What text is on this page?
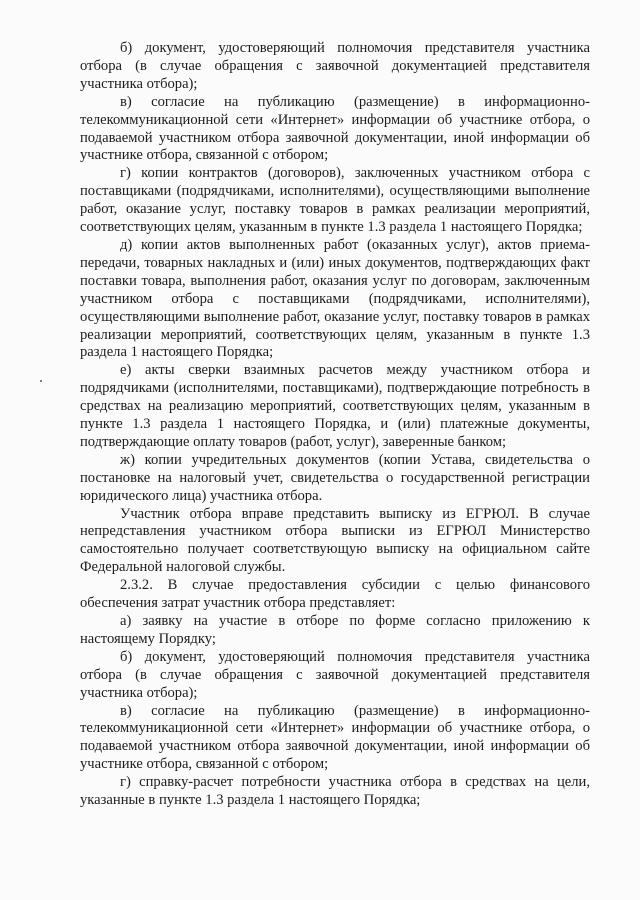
б) документ, удостоверяющий полномочия представителя участника отбора (в случае обращения с заявочной документацией представителя участника отбора);

в) согласие на публикацию (размещение) в информационно-телекоммуникационной сети «Интернет» информации об участнике отбора, о подаваемой участником отбора заявочной документации, иной информации об участнике отбора, связанной с отбором;

г) копии контрактов (договоров), заключенных участником отбора с поставщиками (подрядчиками, исполнителями), осуществляющими выполнение работ, оказание услуг, поставку товаров в рамках реализации мероприятий, соответствующих целям, указанным в пункте 1.3 раздела 1 настоящего Порядка;

д) копии актов выполненных работ (оказанных услуг), актов приема-передачи, товарных накладных и (или) иных документов, подтверждающих факт поставки товара, выполнения работ, оказания услуг по договорам, заключенным участником отбора с поставщиками (подрядчиками, исполнителями), осуществляющими выполнение работ, оказание услуг, поставку товаров в рамках реализации мероприятий, соответствующих целям, указанным в пункте 1.3 раздела 1 настоящего Порядка;

е) акты сверки взаимных расчетов между участником отбора и подрядчиками (исполнителями, поставщиками), подтверждающие потребность в средствах на реализацию мероприятий, соответствующих целям, указанным в пункте 1.3 раздела 1 настоящего Порядка, и (или) платежные документы, подтверждающие оплату товаров (работ, услуг), заверенные банком;

ж) копии учредительных документов (копии Устава, свидетельства о постановке на налоговый учет, свидетельства о государственной регистрации юридического лица) участника отбора.

Участник отбора вправе представить выписку из ЕГРЮЛ. В случае непредставления участником отбора выписки из ЕГРЮЛ Министерство самостоятельно получает соответствующую выписку на официальном сайте Федеральной налоговой службы.

2.3.2. В случае предоставления субсидии с целью финансового обеспечения затрат участник отбора представляет:

а) заявку на участие в отборе по форме согласно приложению к настоящему Порядку;

б) документ, удостоверяющий полномочия представителя участника отбора (в случае обращения с заявочной документацией представителя участника отбора);

в) согласие на публикацию (размещение) в информационно-телекоммуникационной сети «Интернет» информации об участнике отбора, о подаваемой участником отбора заявочной документации, иной информации об участнике отбора, связанной с отбором;

г) справку-расчет потребности участника отбора в средствах на цели, указанные в пункте 1.3 раздела 1 настоящего Порядка;
